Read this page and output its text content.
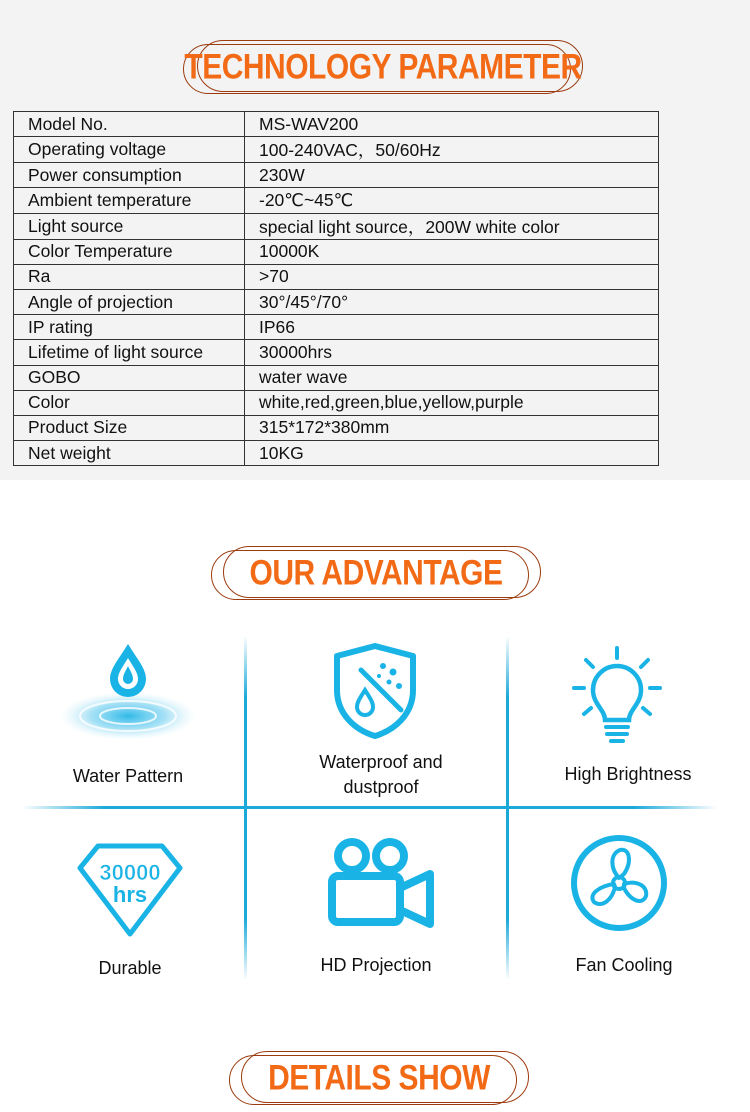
TECHNOLOGY PARAMETER
Model No.	MS-WAV200
Operating voltage	100-240VAC，50/60Hz
Power consumption	230W
Ambient temperature	-20℃~45℃
Light source	special light source，200W white color
Color Temperature	10000K
Ra	>70
Angle of projection	30°/45°/70°
IP rating	IP66
Lifetime of light source	30000hrs
GOBO	water wave
Color	white,red,green,blue,yellow,purple
Product Size	315*172*380mm
Net weight	10KG
OUR ADVANTAGE
Water Pattern
Waterproof and
dustproof
High Brightness
30000
hrs
Durable	HD Projection	Fan Cooling
DETAILS SHOW
